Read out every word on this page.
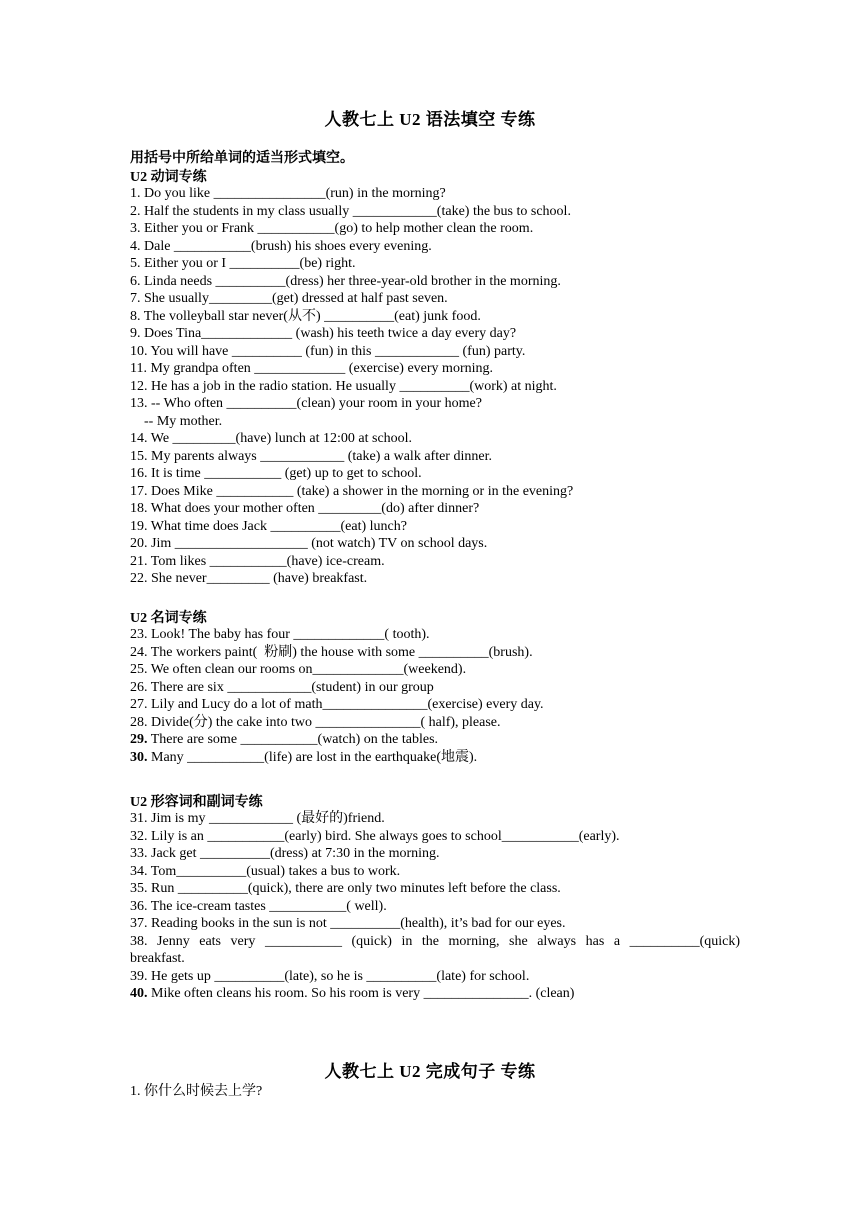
人教七上 U2 语法填空 专练
用括号中所给单词的适当形式填空。
U2 动词专练
1. Do you like ________________(run) in the morning?
2. Half the students in my class usually ____________(take) the bus to school.
3. Either you or Frank ___________(go) to help mother clean the room.
4. Dale ___________(brush) his shoes every evening.
5. Either you or I __________(be) right.
6. Linda needs __________(dress) her three-year-old brother in the morning.
7. She usually_________(get) dressed at half past seven.
8. The volleyball star never(从不) __________(eat) junk food.
9. Does Tina_____________ (wash) his teeth twice a day every day?
10. You will have __________ (fun) in this ____________ (fun) party.
11. My grandpa often _____________ (exercise) every morning.
12. He has a job in the radio station. He usually __________(work) at night.
13. -- Who often __________(clean) your room in your home?
-- My mother.
14. We _________(have) lunch at 12:00 at school.
15. My parents always ____________ (take) a walk after dinner.
16. It is time ___________ (get) up to get to school.
17. Does Mike ___________ (take) a shower in the morning or in the evening?
18. What does your mother often _________(do) after dinner?
19. What time does Jack __________(eat) lunch?
20. Jim ___________________ (not watch) TV on school days.
21. Tom likes ___________(have) ice-cream.
22. She never_________ (have) breakfast.
U2 名词专练
23. Look! The baby has four _____________( tooth).
24. The workers paint(  粉刷) the house with some __________(brush).
25. We often clean our rooms on_____________(weekend).
26. There are six ____________(student) in our group
27. Lily and Lucy do a lot of math_______________(exercise) every day.
28. Divide(分) the cake into two _______________( half), please.
29. There are some ___________(watch) on the tables.
30. Many ___________(life) are lost in the earthquake(地震).
U2 形容词和副词专练
31. Jim is my ____________ (最好的)friend.
32. Lily is an ___________(early) bird. She always goes to school___________(early).
33. Jack get __________(dress) at 7:30 in the morning.
34. Tom__________(usual) takes a bus to work.
35. Run __________(quick), there are only two minutes left before the class.
36. The ice-cream tastes ___________( well).
37. Reading books in the sun is not __________(health), it’s bad for our eyes.
38. Jenny eats very ___________ (quick) in the morning, she always has a __________(quick)
breakfast.
39. He gets up __________(late), so he is __________(late) for school.
40. Mike often cleans his room. So his room is very _______________. (clean)
人教七上 U2 完成句子 专练
1. 你什么时候去上学?
